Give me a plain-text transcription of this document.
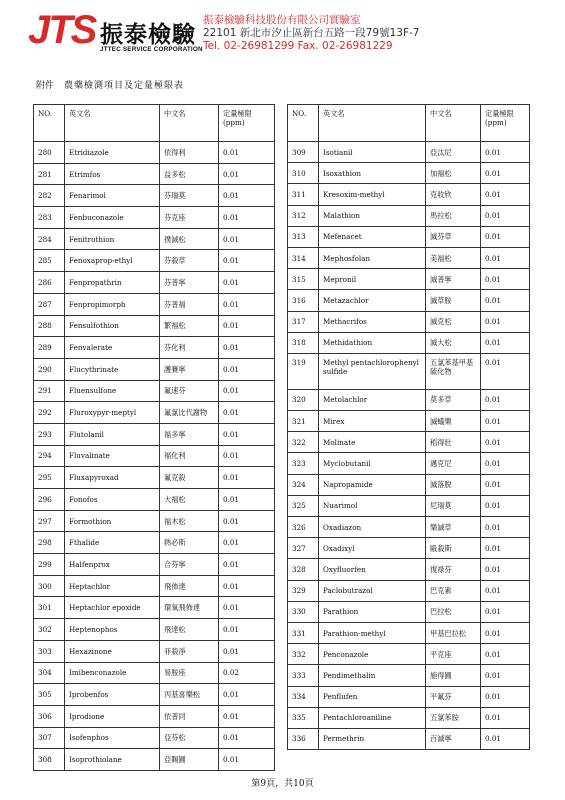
JTS 振泰檢驗
JTTEC SERVICE CORPORATION
振泰檢驗科技股份有限公司實驗室
22101 新北市汐止區新台五路一段79號13F-7
Tel. 02-26981299 Fax. 02-26981229
附件 農藥檢測項目及定量極限表
NO.	英文名	中文名	定量極限 (ppm)
280	Etridiazole	依得利	0.01
281	Etrimfos	益多松	0.01
282	Fenarimol	芬瑞莫	0.01
283	Fenbuconazole	芬克座	0.01
284	Fenitrothion	撲滅松	0.01
285	Fenoxaprop-ethyl	芬殺草	0.01
286	Fenpropathrin	芬普寧	0.01
287	Fenpropimorph	芬普福	0.01
288	Fensulfothion	繁福松	0.01
289	Fenvalerate	芬化利	0.01
290	Flucythrinate	護賽寧	0.01
291	Fluensulfone	氟速芬	0.01
292	Fluroxypyr-meptyl	氟氯比代謝物	0.01
293	Flutolanil	福多寧	0.01
294	Fluvalinate	福化利	0.01
295	Fluxapyroxad	氟克殺	0.01
296	Fonofos	大福松	0.01
297	Formothion	福木松	0.01
298	Fthalide	熱必斯	0.01
299	Halfenprox	合芬寧	0.01
300	Heptachlor	飛佈達	0.01
301	Heptachlor epoxide	環氧飛佈達	0.01
302	Heptenophos	飛達松	0.01
303	Hexazinone	菲殺淨	0.01
304	Imibenconazole	易胺座	0.02
305	Iprobenfos	丙基喜樂松	0.01
306	Iprodione	依普同	0.01
307	Isofenphos	亞芬松	0.01
308	Isoprothiolane	亞賜圃	0.01
NO.	英文名	中文名	定量極限 (ppm)
309	Isotianil	亞汰尼	0.01
310	Isoxathion	加福松	0.01
311	Kresoxim-methyl	克收欣	0.01
312	Malathion	馬拉松	0.01
313	Mefenacet	滅芬草	0.01
314	Mephosfolan	美福松	0.01
315	Mepronil	滅普寧	0.01
316	Metazachlor	滅草胺	0.01
317	Methacrifos	滅克松	0.01
318	Methidathion	滅大松	0.01
319	Methyl pentachlorophenyl sulfide	五氯苯基甲基硫化物	0.01
320	Metolachlor	莫多草	0.01
321	Mirex	滅蟻樂	0.01
322	Molinate	稻得壯	0.01
323	Myclobutanil	邁克尼	0.01
324	Napropamide	滅落脫	0.01
325	Nuarimol	尼瑞莫	0.01
326	Oxadiazon	樂滅草	0.01
327	Oxadixyl	毆殺斯	0.01
328	Oxyfluorfen	復祿芬	0.01
329	Paclobutrazol	巴克素	0.01
330	Parathion	巴拉松	0.01
331	Parathion-methyl	甲基巴拉松	0.01
332	Penconazole	平克座	0.01
333	Pendimethalin	施得圃	0.01
334	Penflufen	平氟芬	0.01
335	Pentachloroaniline	五氯苯胺	0.01
336	Permethrin	百滅寧	0.01
第9頁，共10頁
